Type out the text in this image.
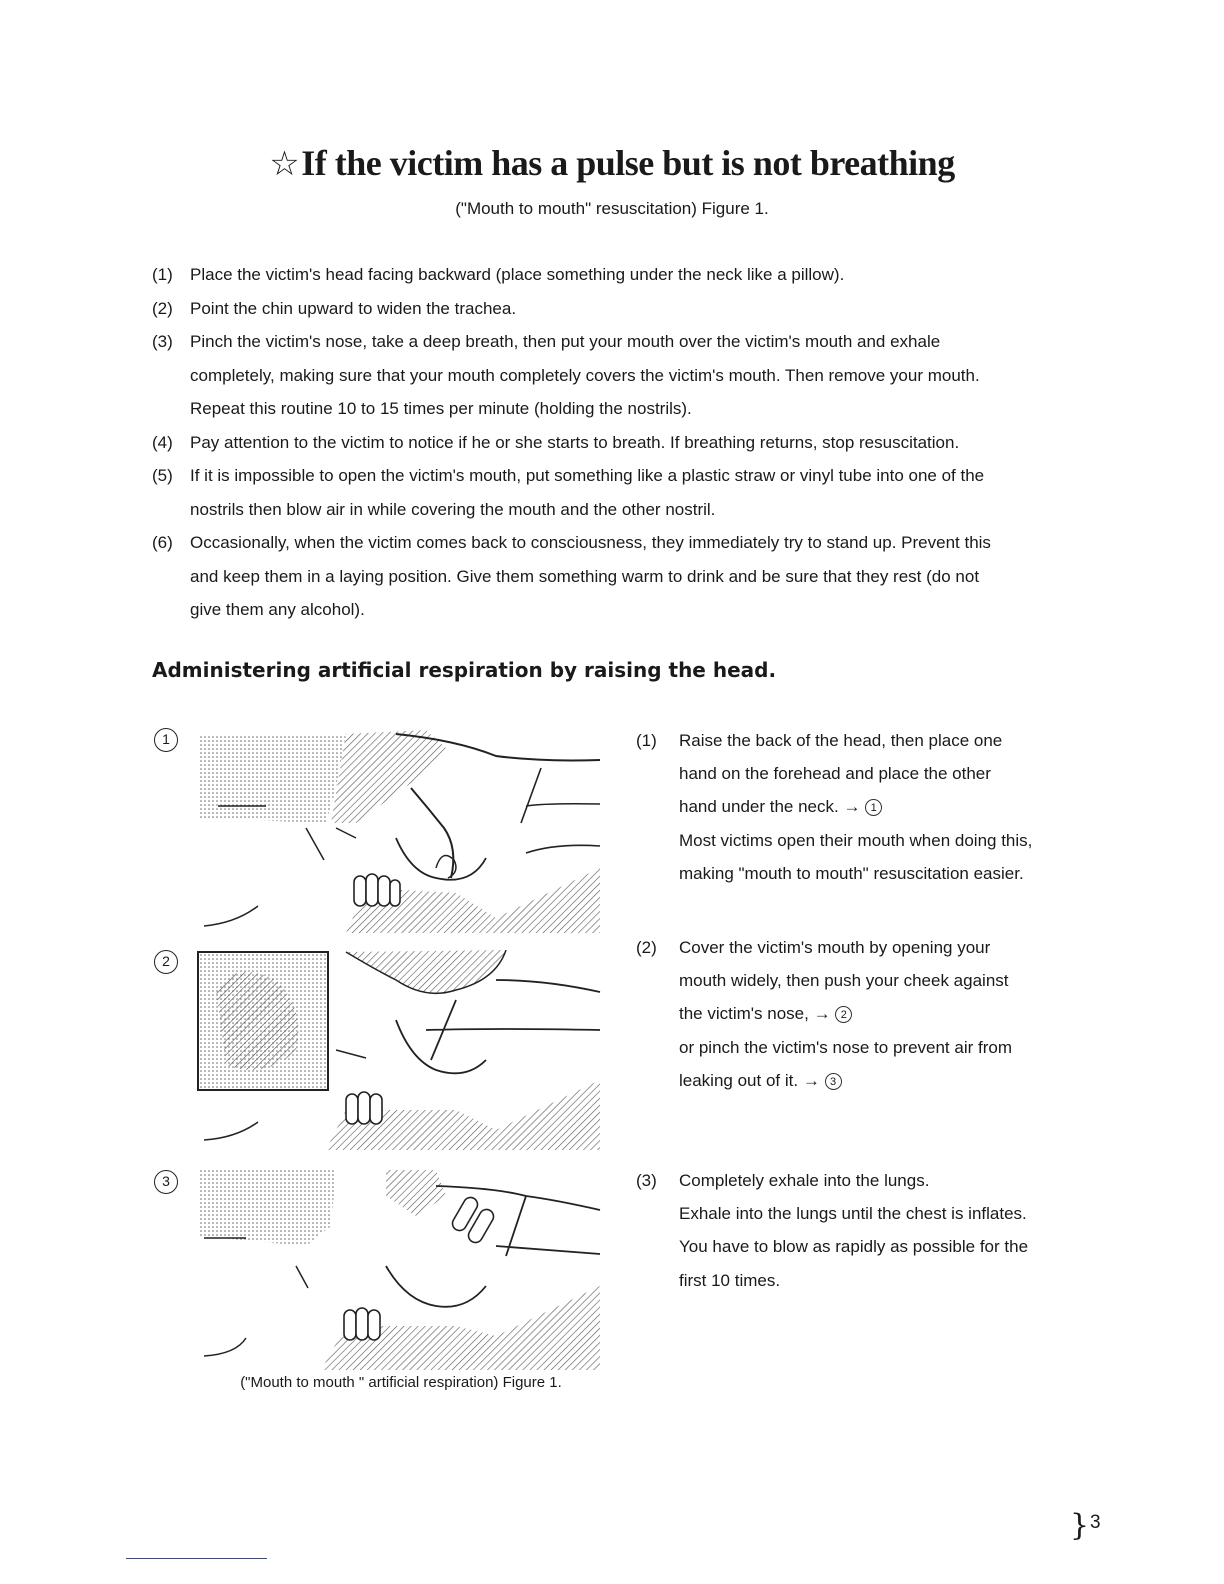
☆If the victim has a pulse but is not breathing

("Mouth to mouth" resuscitation) Figure 1.

(1)	Place the victim's head facing backward (place something under the neck like a pillow).
(2)	Point the chin upward to widen the trachea.
(3)	Pinch the victim's nose, take a deep breath, then put your mouth over the victim's mouth and exhale
completely, making sure that your mouth completely covers the victim's mouth. Then remove your mouth.
Repeat this routine 10 to 15 times per minute (holding the nostrils).
(4)	Pay attention to the victim to notice if he or she starts to breath. If breathing returns, stop resuscitation.
(5)	If it is impossible to open the victim's mouth, put something like a plastic straw or vinyl tube into one of the
nostrils then blow air in while covering the mouth and the other nostril.
(6)	Occasionally, when the victim comes back to consciousness, they immediately try to stand up. Prevent this
and keep them in a laying position. Give them something warm to drink and be sure that they rest (do not
give them any alcohol).
Administering artificial respiration by raising the head.
1
2
3

("Mouth to mouth " artificial respiration) Figure 1.

(1)	Raise the back of the head, then place one
hand on the forehead and place the other
hand under the neck. → 1
Most victims open their mouth when doing this,
making "mouth to mouth" resuscitation easier.
(2)	Cover the victim's mouth by opening your
mouth widely, then push your cheek against
the victim's nose, → 2
or pinch the victim's nose to prevent air from
leaking out of it. → 3
(3)	Completely exhale into the lungs.
Exhale into the lungs until the chest is inflates.
You have to blow as rapidly as possible for the
first 10 times.
} 3
